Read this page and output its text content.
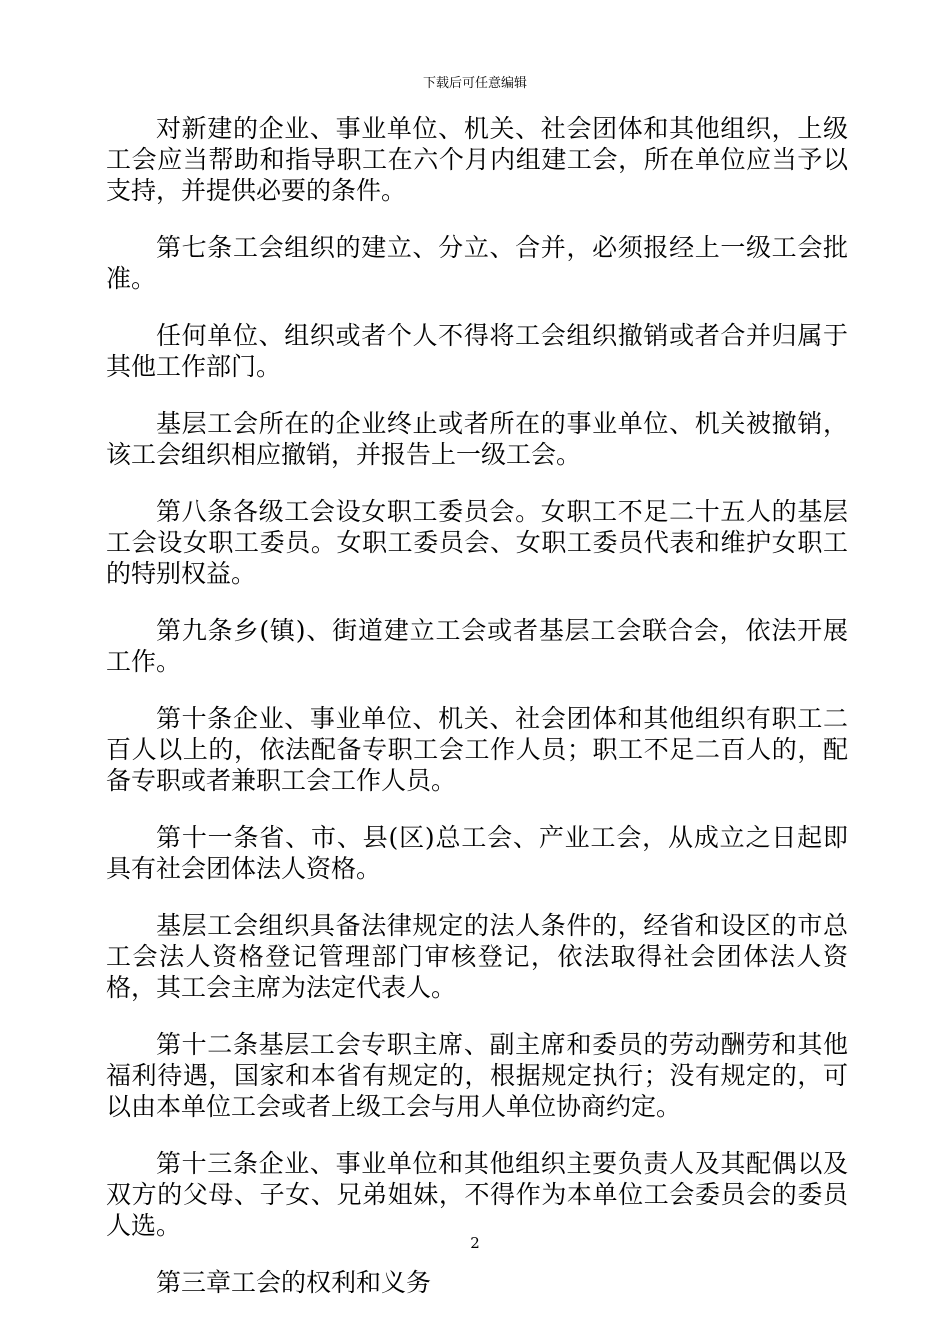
下载后可任意编辑

对新建的企业、事业单位、机关、社会团体和其他组织，上级工会应当帮助和指导职工在六个月内组建工会，所在单位应当予以支持，并提供必要的条件。

第七条工会组织的建立、分立、合并，必须报经上一级工会批准。

任何单位、组织或者个人不得将工会组织撤销或者合并归属于其他工作部门。

基层工会所在的企业终止或者所在的事业单位、机关被撤销，该工会组织相应撤销，并报告上一级工会。

第八条各级工会设女职工委员会。女职工不足二十五人的基层工会设女职工委员。女职工委员会、女职工委员代表和维护女职工的特别权益。

第九条乡(镇)、街道建立工会或者基层工会联合会，依法开展工作。

第十条企业、事业单位、机关、社会团体和其他组织有职工二百人以上的，依法配备专职工会工作人员；职工不足二百人的，配备专职或者兼职工会工作人员。

第十一条省、市、县(区)总工会、产业工会，从成立之日起即具有社会团体法人资格。

基层工会组织具备法律规定的法人条件的，经省和设区的市总工会法人资格登记管理部门审核登记，依法取得社会团体法人资格，其工会主席为法定代表人。

第十二条基层工会专职主席、副主席和委员的劳动酬劳和其他福利待遇，国家和本省有规定的，根据规定执行；没有规定的，可以由本单位工会或者上级工会与用人单位协商约定。

第十三条企业、事业单位和其他组织主要负责人及其配偶以及双方的父母、子女、兄弟姐妹，不得作为本单位工会委员会的委员人选。

第三章工会的权利和义务

2
